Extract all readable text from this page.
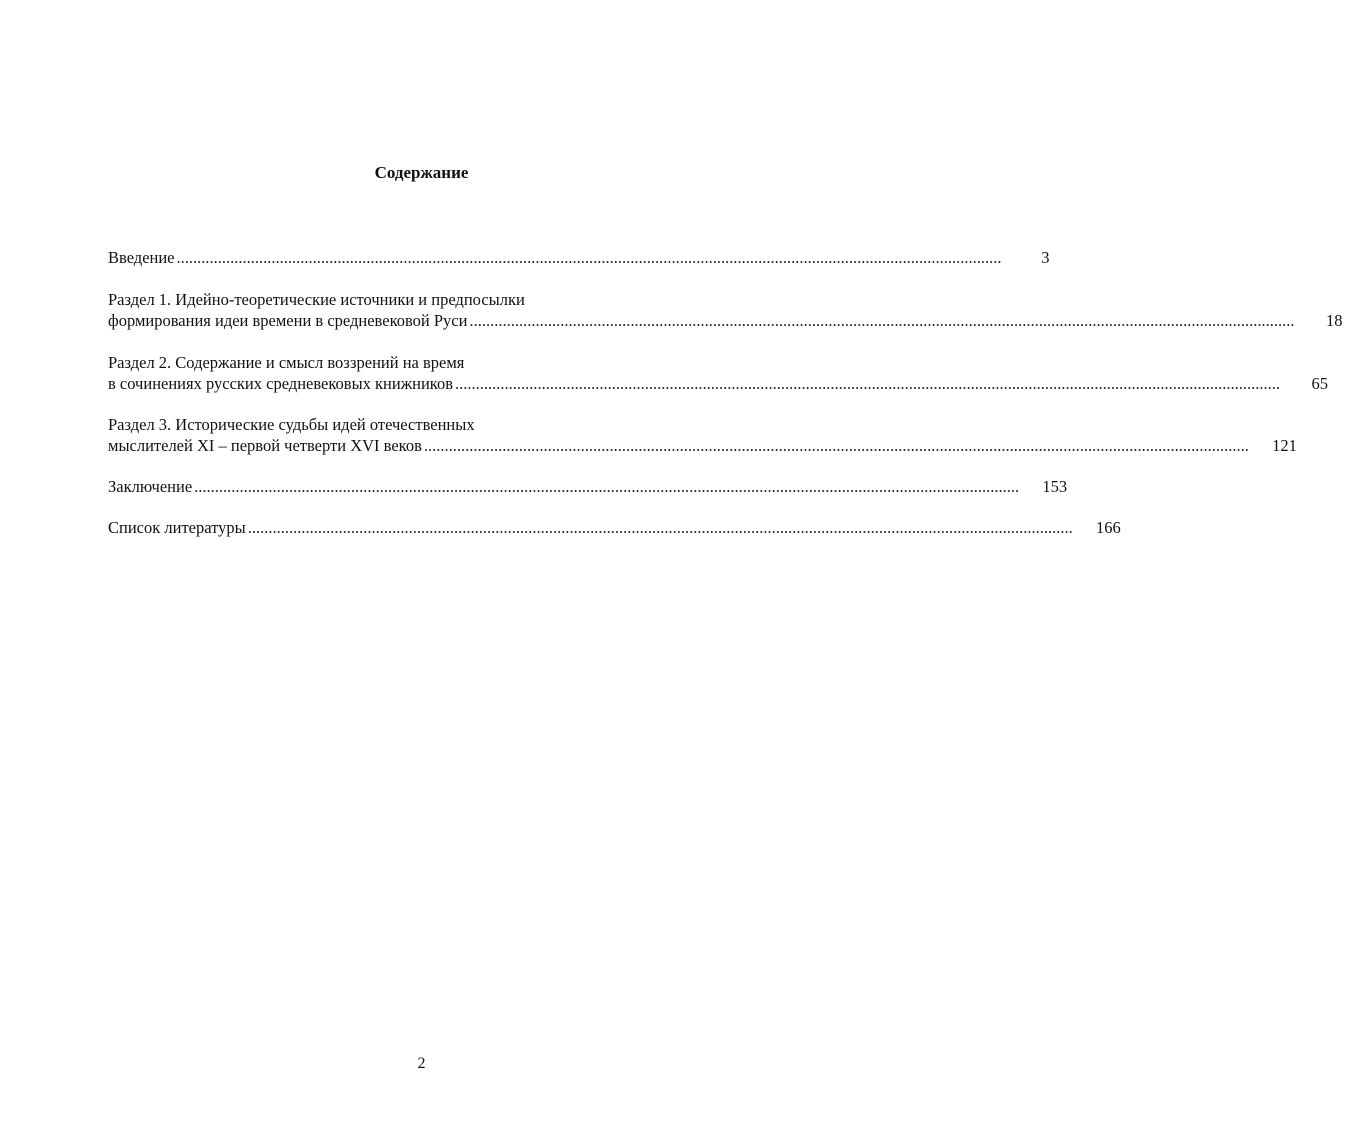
Содержание
Введение ........................................................................................................................................................................................................	3
Раздел 1. Идейно-теоретические источники и предпосылки
формирования идеи времени в средневековой Руси ........................................................................................................................................................................................................	18
Раздел 2. Содержание и смысл воззрений на время
в сочинениях русских средневековых книжников ........................................................................................................................................................................................................	65
Раздел 3. Исторические судьбы идей отечественных
мыслителей XI – первой четверти XVI веков ........................................................................................................................................................................................................	121
Заключение ........................................................................................................................................................................................................	153
Список литературы ........................................................................................................................................................................................................	166
2
